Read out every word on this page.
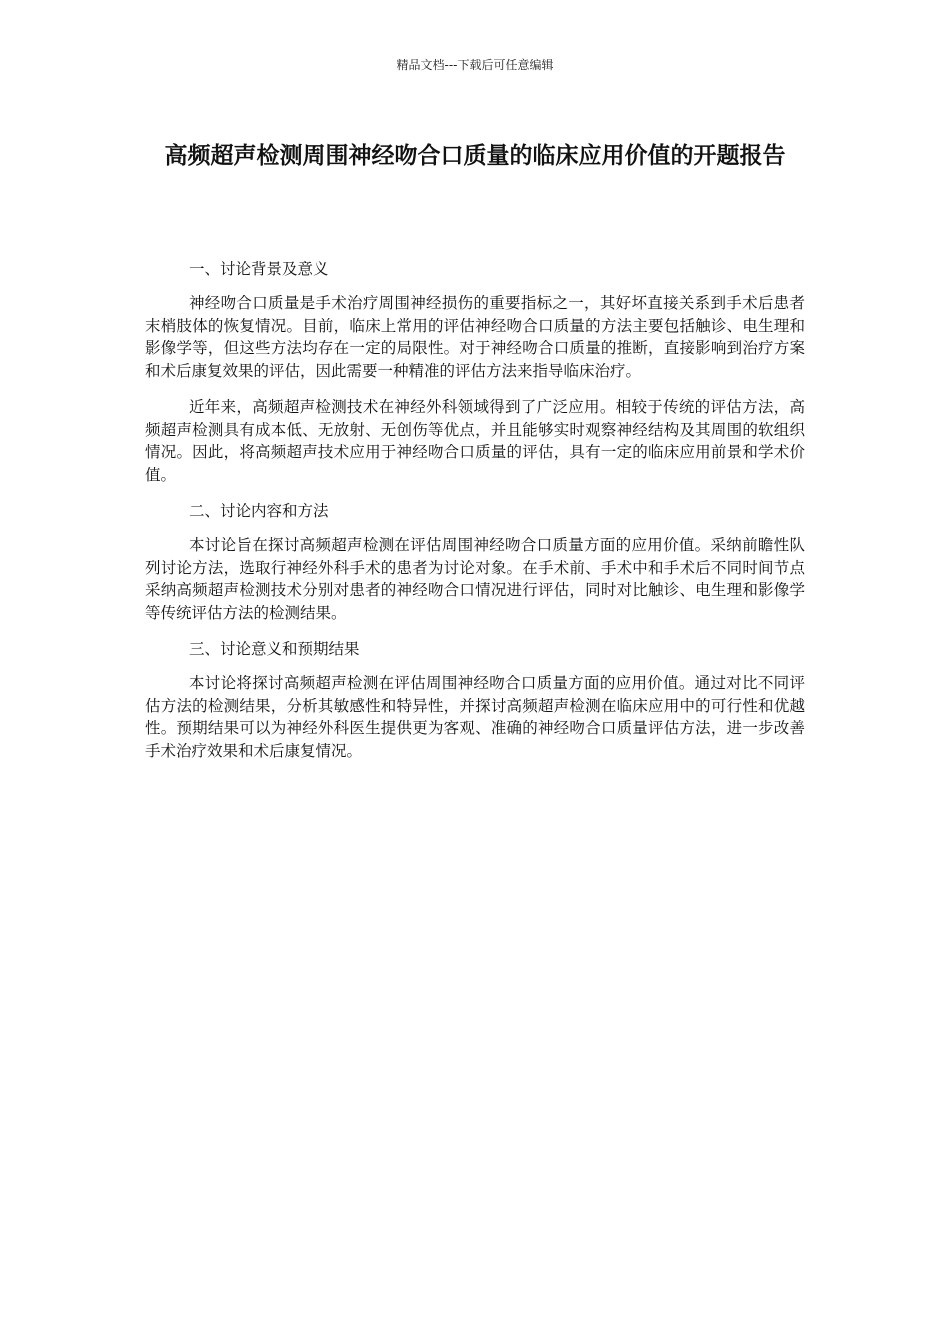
精品文档---下载后可任意编辑
高频超声检测周围神经吻合口质量的临床应用价值的开题报告

一、讨论背景及意义

神经吻合口质量是手术治疗周围神经损伤的重要指标之一，其好坏直接关系到手术后患者末梢肢体的恢复情况。目前，临床上常用的评估神经吻合口质量的方法主要包括触诊、电生理和影像学等，但这些方法均存在一定的局限性。对于神经吻合口质量的推断，直接影响到治疗方案和术后康复效果的评估，因此需要一种精准的评估方法来指导临床治疗。

近年来，高频超声检测技术在神经外科领域得到了广泛应用。相较于传统的评估方法，高频超声检测具有成本低、无放射、无创伤等优点，并且能够实时观察神经结构及其周围的软组织情况。因此，将高频超声技术应用于神经吻合口质量的评估，具有一定的临床应用前景和学术价值。

二、讨论内容和方法

本讨论旨在探讨高频超声检测在评估周围神经吻合口质量方面的应用价值。采纳前瞻性队列讨论方法，选取行神经外科手术的患者为讨论对象。在手术前、手术中和手术后不同时间节点采纳高频超声检测技术分别对患者的神经吻合口情况进行评估，同时对比触诊、电生理和影像学等传统评估方法的检测结果。

三、讨论意义和预期结果

本讨论将探讨高频超声检测在评估周围神经吻合口质量方面的应用价值。通过对比不同评估方法的检测结果，分析其敏感性和特异性，并探讨高频超声检测在临床应用中的可行性和优越性。预期结果可以为神经外科医生提供更为客观、准确的神经吻合口质量评估方法，进一步改善手术治疗效果和术后康复情况。
